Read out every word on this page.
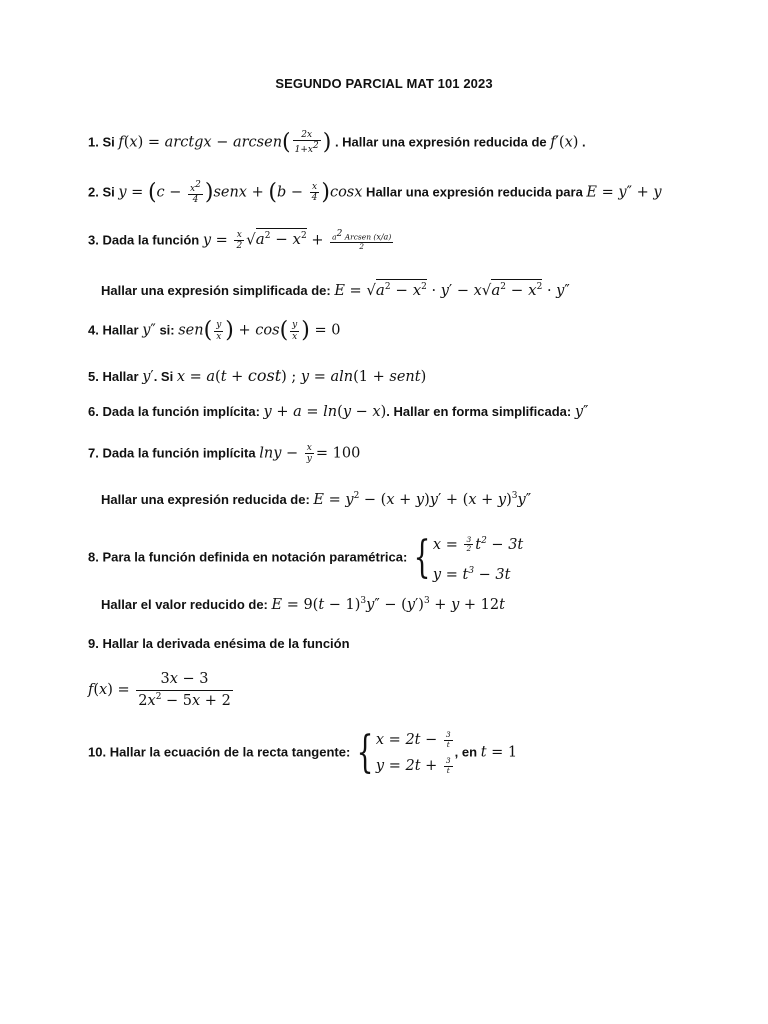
SEGUNDO PARCIAL MAT 101 2023
1. Si f(x) = arctgx − arcsen( $\frac{2x}{1+x^2}$ ) . Hallar una expresión reducida de f′(x) .
2. Si $y = (c - \frac{x^2}{4}$ )senx + $(b - \frac{x}{4} )\cos x$ Hallar una expresión reducida para E = y″ + y
3. Dada la función $y = \frac{x}{2} √a^2 - x^2 + \frac{a^2 Arcsen (x/a)}{2}$
Hallar una expresión simplificada de: $E = √a^2 - x^2 \cdot y' - x√a^2 - x^2 \cdot y''$
4. Hallar y″ si: $sen( \frac{y}{x}$ ) + $\cos( \frac{y}{x}$ ) = 0
5. Hallar y′. Si x = a(t + cost) ; y = aln(1 + sent)
6. Dada la función implícita: y + a = ln(y − x). Hallar en forma simplificada: y″
7. Dada la función implícita $\ln y - \frac{x}{y} = 100$
Hallar una expresión reducida de: $E = y^2 - (x + y)y' + (x + y)^3y''$
8. Para la función definida en notación paramétrica: { $x = \frac{3}{2} t^2 - 3t$
$y = t^3 - 3t$
Hallar el valor reducido de: $E = 9(t - 1)^3y'' - (y')^3 + y + 12t$
9. Hallar la derivada enésima de la función
$f(x) = \frac{3x - 3}{2x^2 - 5x + 2}$
10. Hallar la ecuación de la recta tangente: { $x = 2t - \frac{3}{t}$
$y = 2t + \frac{3}{t}$
, en t = 1
